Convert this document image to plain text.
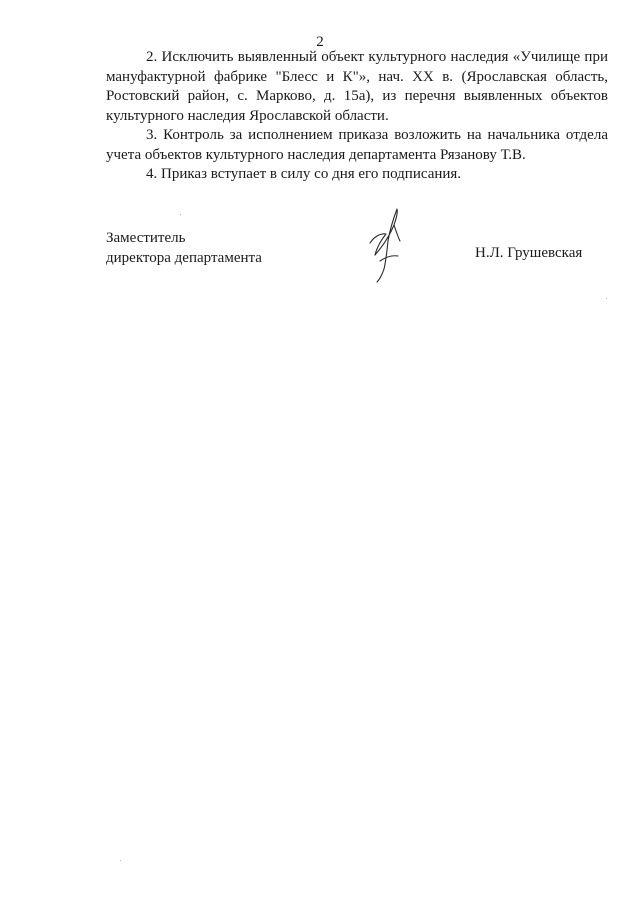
2

2. Исключить выявленный объект культурного наследия «Училище при мануфактурной фабрике "Блесс и К"», нач. XX в. (Ярославская область, Ростовский район, с. Марково, д. 15а), из перечня выявленных объектов культурного наследия Ярославской области.

3. Контроль за исполнением приказа возложить на начальника отдела учета объектов культурного наследия департамента Рязанову Т.В.

4. Приказ вступает в силу со дня его подписания.

Заместитель
директора департамента	Н.Л. Грушевская
